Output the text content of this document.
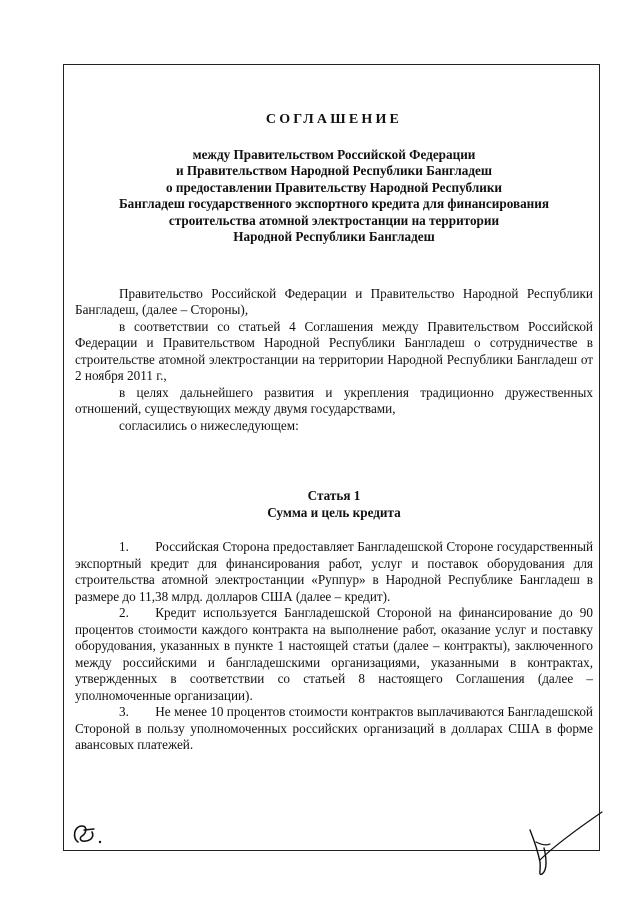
СОГЛАШЕНИЕ
между Правительством Российской Федерации
и Правительством Народной Республики Бангладеш
о предоставлении Правительству Народной Республики
Бангладеш государственного экспортного кредита для финансирования
строительства атомной электростанции на территории
Народной Республики Бангладеш

Правительство Российской Федерации и Правительство Народной Республики Бангладеш, (далее – Стороны),

в соответствии со статьей 4 Соглашения между Правительством Российской Федерации и Правительством Народной Республики Бангладеш о сотрудничестве в строительстве атомной электростанции на территории Народной Республики Бангладеш от 2 ноября 2011 г.,

в целях дальнейшего развития и укрепления традиционно дружественных отношений, существующих между двумя государствами,

согласились о нижеследующем:

Статья 1
Сумма и цель кредита

1.  Российская Сторона предоставляет Бангладешской Стороне государственный экспортный кредит для финансирования работ, услуг и поставок оборудования для строительства атомной электростанции «Руппур» в Народной Республике Бангладеш в размере до 11,38 млрд. долларов США (далее – кредит).

2.  Кредит используется Бангладешской Стороной на финансирование до 90 процентов стоимости каждого контракта на выполнение работ, оказание услуг и поставку оборудования, указанных в пункте 1 настоящей статьи (далее – контракты), заключенного между российскими и бангладешскими организациями, указанными в контрактах, утвержденных в соответствии со статьей 8 настоящего Соглашения (далее – уполномоченные организации).

3.  Не менее 10 процентов стоимости контрактов выплачиваются Бангладешской Стороной в пользу уполномоченных российских организаций в долларах США в форме авансовых платежей.
